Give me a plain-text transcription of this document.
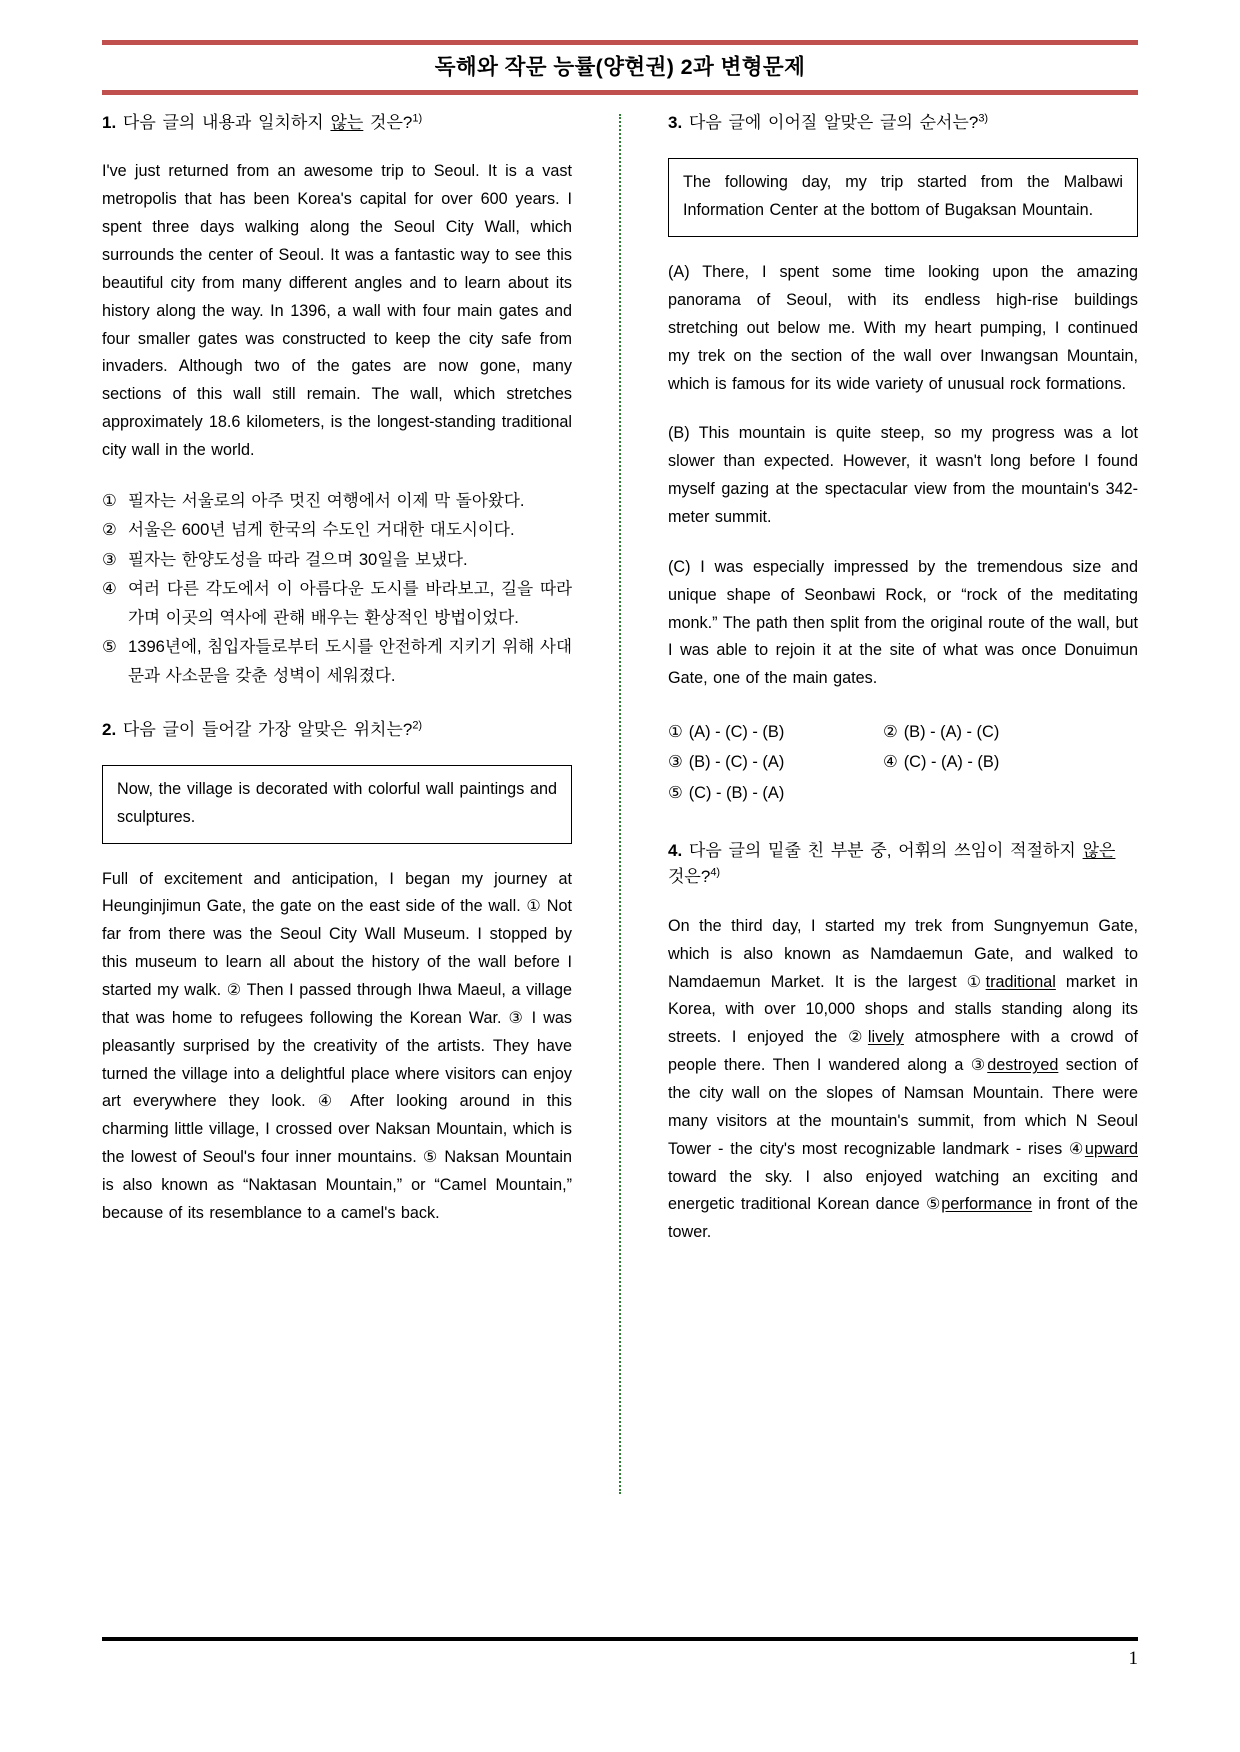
독해와 작문 능률(양현권) 2과 변형문제
1. 다음 글의 내용과 일치하지 않는 것은?$^{1)}$
I've just returned from an awesome trip to Seoul. It is a vast metropolis that has been Korea's capital for over 600 years. I spent three days walking along the Seoul City Wall, which surrounds the center of Seoul. It was a fantastic way to see this beautiful city from many different angles and to learn about its history along the way. In 1396, a wall with four main gates and four smaller gates was constructed to keep the city safe from invaders. Although two of the gates are now gone, many sections of this wall still remain. The wall, which stretches approximately 18.6 kilometers, is the longest-standing traditional city wall in the world.
① 필자는 서울로의 아주 멋진 여행에서 이제 막 돌아왔다.
② 서울은 600년 넘게 한국의 수도인 거대한 대도시이다.
③ 필자는 한양도성을 따라 걸으며 30일을 보냈다.
④ 여러 다른 각도에서 이 아름다운 도시를 바라보고, 길을 따라가며 이곳의 역사에 관해 배우는 환상적인 방법이었다.
⑤ 1396년에, 침입자들로부터 도시를 안전하게 지키기 위해 사대문과 사소문을 갖춘 성벽이 세워졌다.
2. 다음 글이 들어갈 가장 알맞은 위치는?$^{2)}$
Now, the village is decorated with colorful wall paintings and sculptures.
Full of excitement and anticipation, I began my journey at Heunginjimun Gate, the gate on the east side of the wall. ① Not far from there was the Seoul City Wall Museum. I stopped by this museum to learn all about the history of the wall before I started my walk. ② Then I passed through Ihwa Maeul, a village that was home to refugees following the Korean War. ③ I was pleasantly surprised by the creativity of the artists. They have turned the village into a delightful place where visitors can enjoy art everywhere they look. ④ After looking around in this charming little village, I crossed over Naksan Mountain, which is the lowest of Seoul's four inner mountains. ⑤ Naksan Mountain is also known as “Naktasan Mountain,” or “Camel Mountain,” because of its resemblance to a camel's back.
3. 다음 글에 이어질 알맞은 글의 순서는?$^{3)}$
The following day, my trip started from the Malbawi Information Center at the bottom of Bugaksan Mountain.
(A) There, I spent some time looking upon the amazing panorama of Seoul, with its endless high-rise buildings stretching out below me. With my heart pumping, I continued my trek on the section of the wall over Inwangsan Mountain, which is famous for its wide variety of unusual rock formations.
(B) This mountain is quite steep, so my progress was a lot slower than expected. However, it wasn't long before I found myself gazing at the spectacular view from the mountain's 342-meter summit.
(C) I was especially impressed by the tremendous size and unique shape of Seonbawi Rock, or “rock of the meditating monk.” The path then split from the original route of the wall, but I was able to rejoin it at the site of what was once Donuimun Gate, one of the main gates.
① (A) - (C) - (B)	② (B) - (A) - (C)
③ (B) - (C) - (A)	④ (C) - (A) - (B)
⑤ (C) - (B) - (A)
4. 다음 글의 밑줄 친 부분 중, 어휘의 쓰임이 적절하지 않은 것은?$^{4)}$
On the third day, I started my trek from Sungnyemun Gate, which is also known as Namdaemun Gate, and walked to Namdaemun Market. It is the largest ①traditional market in Korea, with over 10,000 shops and stalls standing along its streets. I enjoyed the ②lively atmosphere with a crowd of people there. Then I wandered along a ③destroyed section of the city wall on the slopes of Namsan Mountain. There were many visitors at the mountain's summit, from which N Seoul Tower - the city's most recognizable landmark - rises ④upward toward the sky. I also enjoyed watching an exciting and energetic traditional Korean dance ⑤performance in front of the tower.
1
